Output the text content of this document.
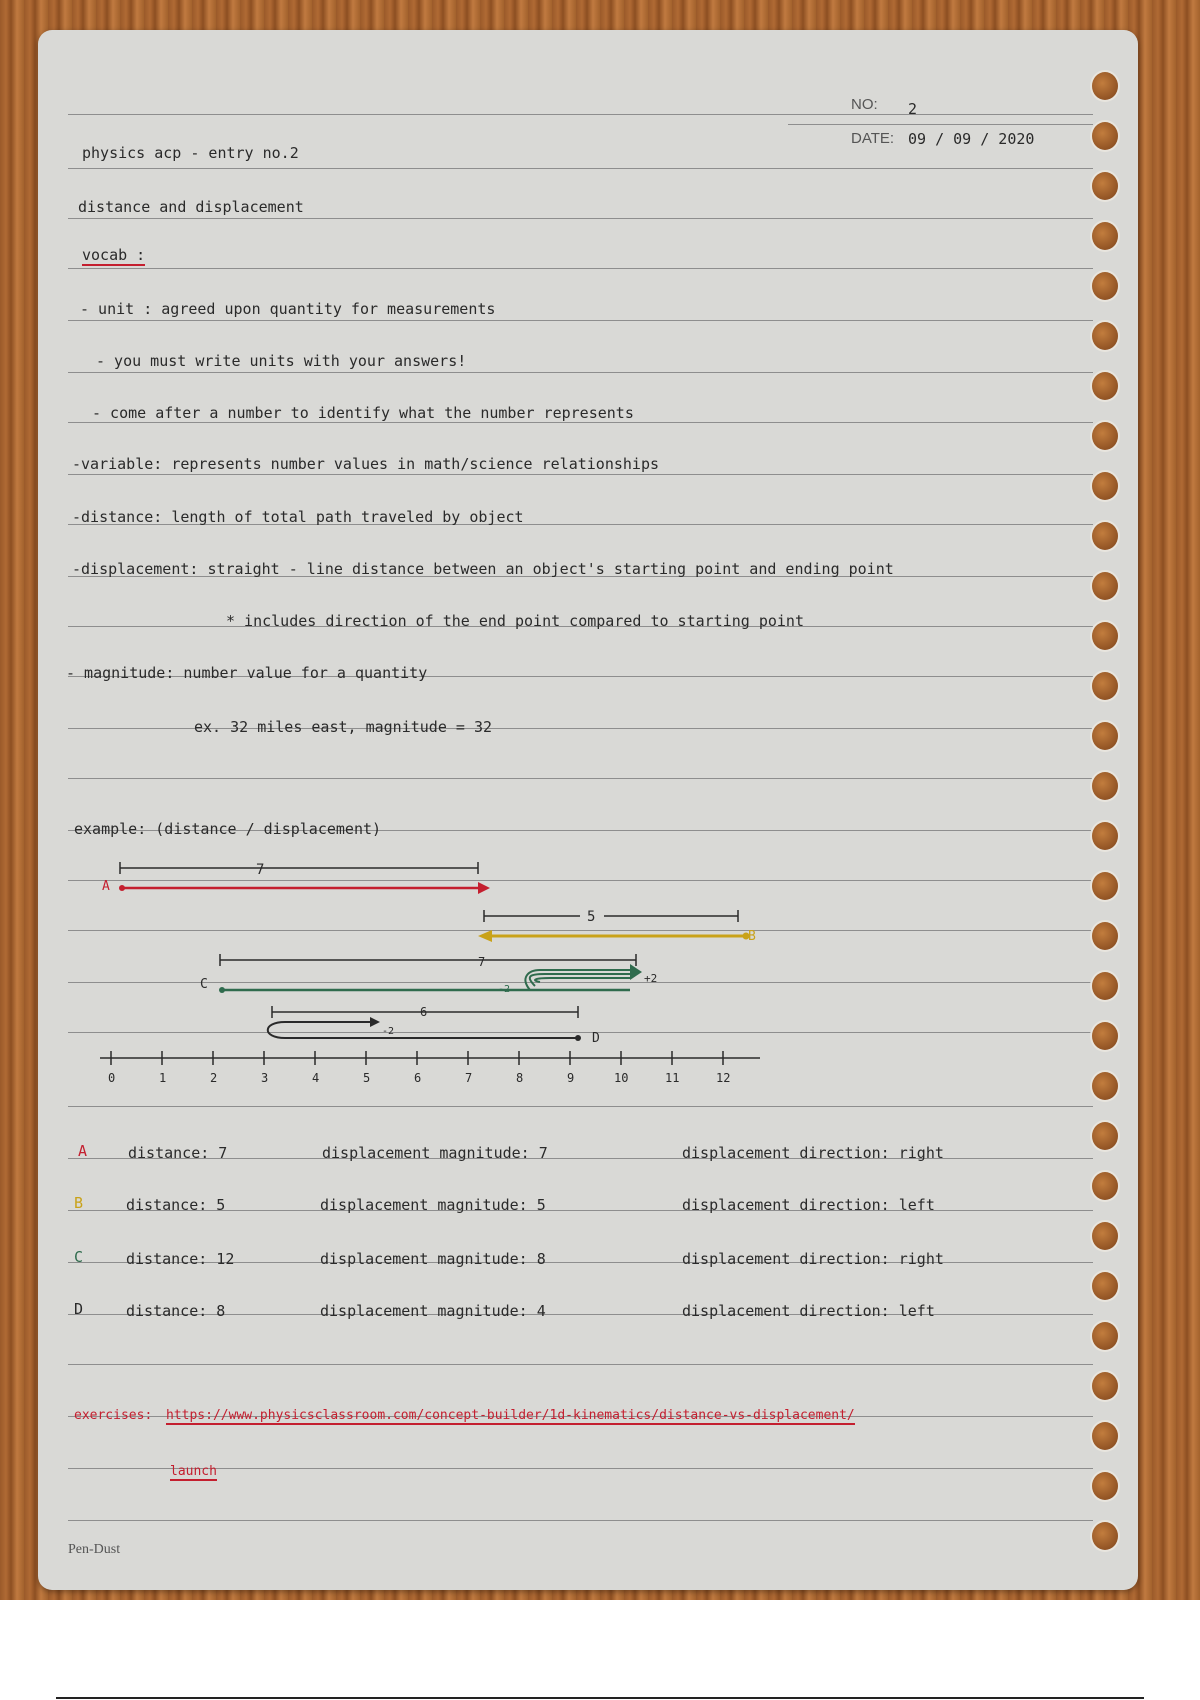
NO: 2
DATE: 09 / 09 / 2020
physics acp - entry no.2
distance and displacement
vocab :
- unit : agreed upon quantity for measurements
- you must write units with your answers!
- come after a number to identify what the number represents
-variable: represents number values in math/science relationships
-distance: length of total path traveled by object
-displacement: straight - line distance between an object's starting point and ending point
* includes direction of the end point compared to starting point
- magnitude: number value for a quantity
ex. 32 miles east, magnitude = 32
example: (distance / displacement)
7
A
5
B
7
C	+2
-2
6
D
-2
0	1	2	3	4	5	6	7	8	9	10	11	12
A	distance: 7	displacement magnitude: 7	displacement direction: right
B	distance: 5	displacement magnitude: 5	displacement direction: left
C	distance: 12	displacement magnitude: 8	displacement direction: right
D	distance: 8	displacement magnitude: 4	displacement direction: left
exercises: https://www.physicsclassroom.com/concept-builder/1d-kinematics/distance-vs-displacement/
launch
Pen-Dust
